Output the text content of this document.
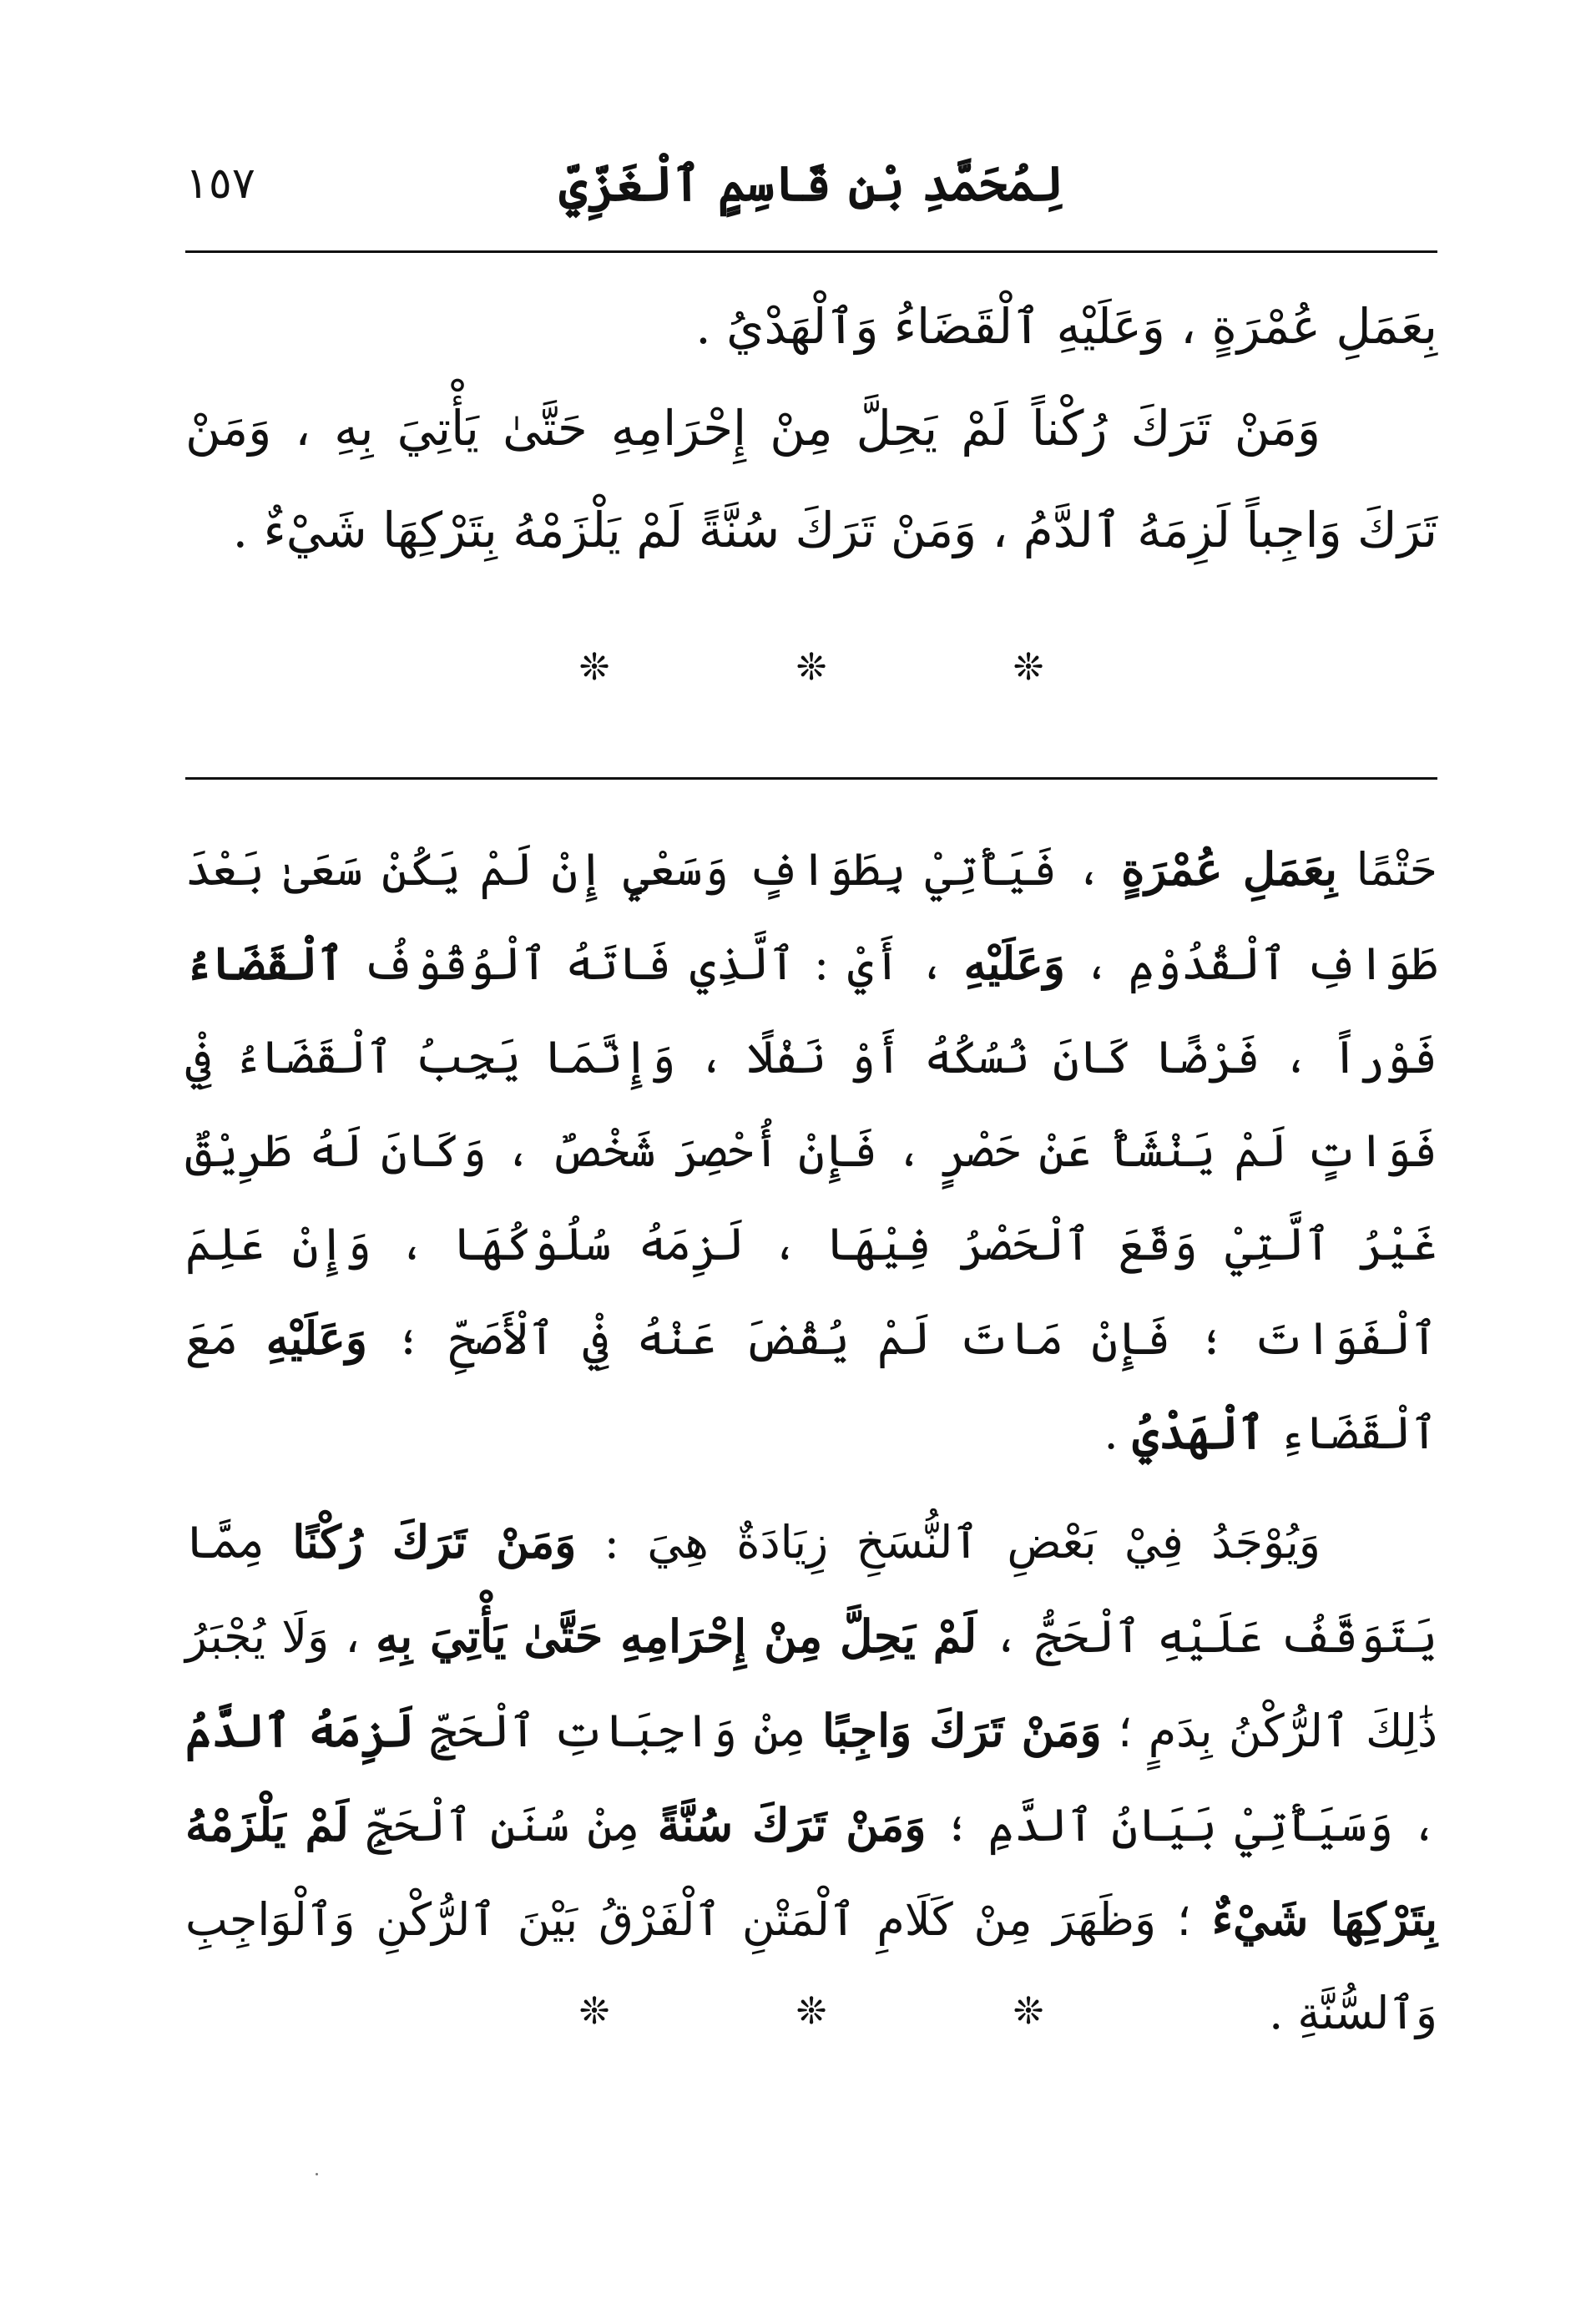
١٥٧	لِمُحَمَّدِ بْنِ قَاسِمٍ ٱلْغَزِّيِّ

بِعَمَلِ عُمْرَةٍ ، وَعَلَيْهِ ٱلْقَضَاءُ وَٱلْهَدْيُ .

وَمَنْ تَرَكَ رُكْناً لَمْ يَحِلَّ مِنْ إِحْرَامِهِ حَتَّىٰ يَأْتِيَ بِهِ ، وَمَنْ تَرَكَ وَاجِباً لَزِمَهُ ٱلدَّمُ ، وَمَنْ تَرَكَ سُنَّةً لَمْ يَلْزَمْهُ بِتَرْكِهَا شَيْءٌ .

❊	❊	❊

حَتْمًا بِعَمَلِ عُمْرَةٍ ، فَيَأْتِيْ بِطَوَافٍ وَسَعْيٍ إِنْ لَمْ يَكُنْ سَعَىٰ بَعْدَ طَوَافِ ٱلْقُدُوْمِ ، وَعَلَيْهِ ، أَيْ : ٱلَّذِي فَاتَهُ ٱلْوُقُوْفُ ٱلْقَضَاءُ فَوْراً ، فَرْضًا كَانَ نُسُكُهُ أَوْ نَفْلًا ، وَإِنَّمَا يَجِبُ ٱلْقَضَاءُ فِيْ فَوَاتٍ لَمْ يَنْشَأْ عَنْ حَصْرٍ ، فَإِنْ أُحْصِرَ شَخْصٌ ، وَكَانَ لَهُ طَرِيْقٌ غَيْرُ ٱلَّتِيْ وَقَعَ ٱلْحَصْرُ فِيْهَا ، لَزِمَهُ سُلُوْكُهَا ، وَإِنْ عَلِمَ ٱلْفَوَاتَ ؛ فَإِنْ مَاتَ لَمْ يُقْضَ عَنْهُ فِيْ ٱلْأَصَحِّ ؛ وَعَلَيْهِ مَعَ ٱلْقَضَاءِ ٱلْهَدْيُ .

وَيُوْجَدُ فِيْ بَعْضِ ٱلنُّسَخِ زِيَادَةٌ هِيَ : وَمَنْ تَرَكَ رُكْنًا مِمَّا يَتَوَقَّفُ عَلَيْهِ ٱلْحَجُّ ، لَمْ يَحِلَّ مِنْ إِحْرَامِهِ حَتَّىٰ يَأْتِيَ بِهِ ، وَلَا يُجْبَرُ ذَٰلِكَ ٱلرُّكْنُ بِدَمٍ ؛ وَمَنْ تَرَكَ وَاجِبًا مِنْ وَاجِبَاتِ ٱلْحَجِّ لَزِمَهُ ٱلدَّمُ ، وَسَيَأْتِيْ بَيَانُ ٱلدَّمِ ؛ وَمَنْ تَرَكَ سُنَّةً مِنْ سُنَنِ ٱلْحَجِّ لَمْ يَلْزَمْهُ بِتَرْكِهَا شَيْءٌ ؛ وَظَهَرَ مِنْ كَلَامِ ٱلْمَتْنِ ٱلْفَرْقُ بَيْنَ ٱلرُّكْنِ وَٱلْوَاجِبِ وَٱلسُّنَّةِ .

❊	❊	❊
